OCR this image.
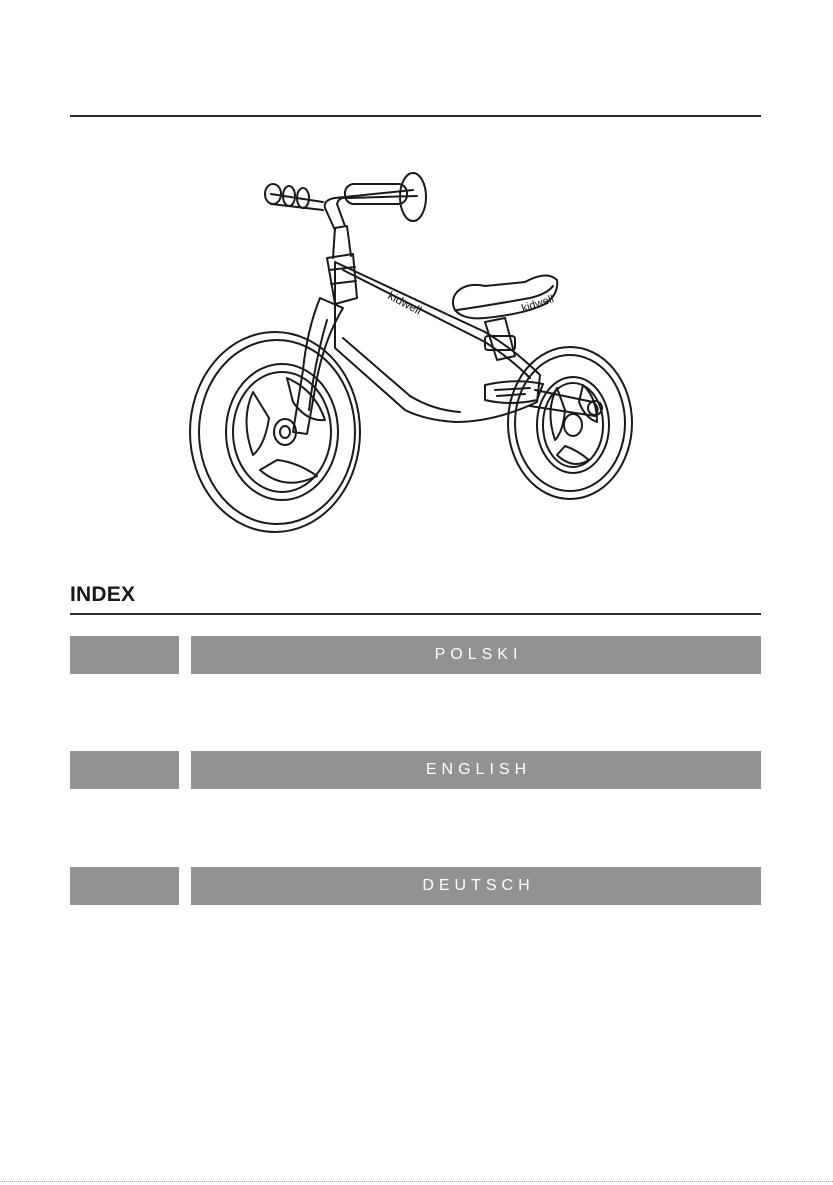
kidwell
kidwell
INDEX
POLSKI
ENGLISH
DEUTSCH
